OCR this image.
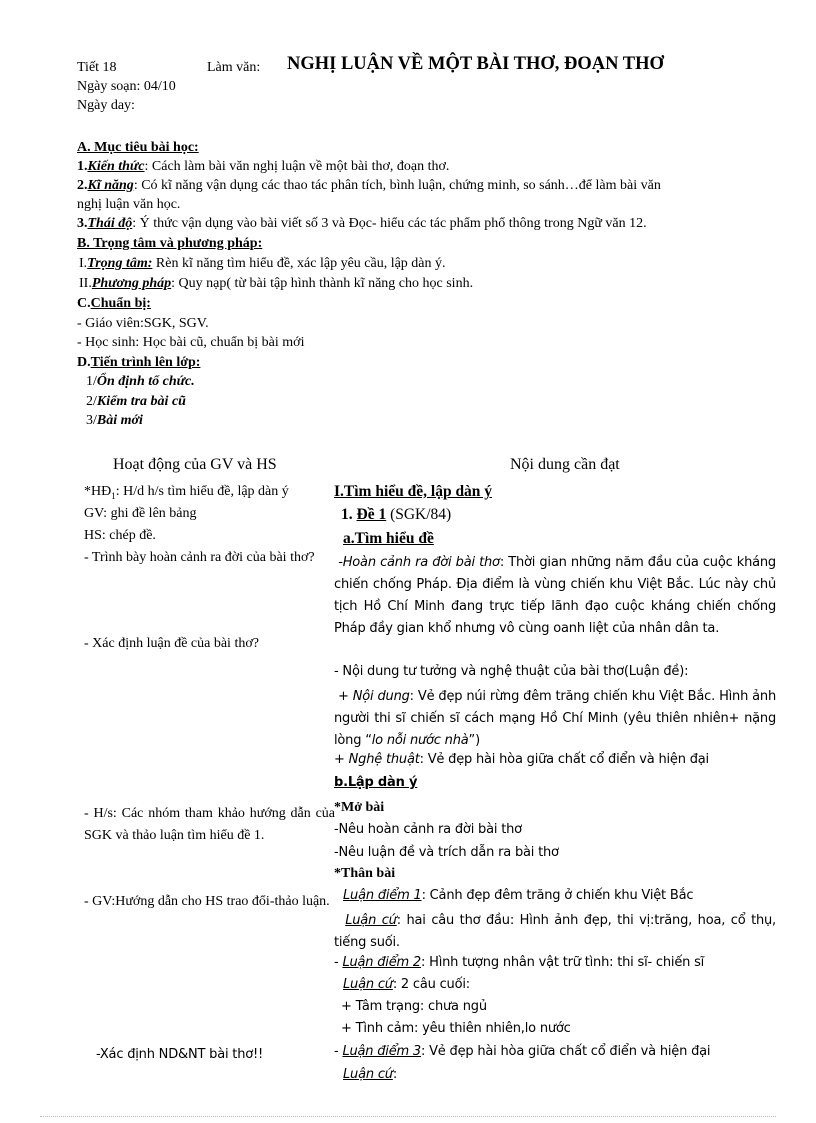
Tiết 18	Làm văn: NGHỊ LUẬN VỀ MỘT BÀI THƠ, ĐOẠN THƠ
Ngày soạn: 04/10
Ngày day:
A. Mục tiêu bài học:
1.Kiến thức: Cách làm bài văn nghị luận về một bài thơ, đoạn thơ.
2.Kĩ năng: Có kĩ năng vận dụng các thao tác phân tích, bình luận, chứng minh, so sánh…để làm bài văn
nghị luận văn học.
3.Thái độ: Ý thức vận dụng vào bài viết số 3 và Đọc- hiểu các tác phẩm phổ thông trong Ngữ văn 12.
B. Trọng tâm và phương pháp:
I.Trọng tâm: Rèn kĩ năng tìm hiểu đề, xác lập yêu cầu, lập dàn ý.
II.Phương pháp: Quy nạp( từ bài tập hình thành kĩ năng cho học sinh.
C.Chuẩn bị:
- Giáo viên:SGK, SGV.
- Học sinh: Học bài cũ, chuẩn bị bài mới
D.Tiến trình lên lớp:
1/Ổn định tổ chức.
2/Kiểm tra bài cũ
3/Bài mới
Hoạt động của GV và HS	Nội dung cần đạt
$*HĐ_1$: H/d h/s tìm hiểu đề, lập dàn ý
GV: ghi đề lên bảng
HS: chép đề.
- Trình bày hoàn cảnh ra đời của bài thơ?
- Xác định luận đề của bài thơ?
- H/s: Các nhóm tham khảo hướng dẫn của SGK và thảo luận tìm hiểu đề 1.
- GV:Hướng dẫn cho HS trao đổi-thảo luận.
-Xác định ND&NT bài thơ!!
I.Tìm hiểu đề, lập dàn ý
1. Đề 1 (SGK/84)
a.Tìm hiểu đề
-Hoàn cảnh ra đời bài thơ: Thời gian những năm đầu của cuộc kháng chiến chống Pháp. Địa điểm là vùng chiến khu Việt Bắc. Lúc này chủ tịch Hồ Chí Minh đang trực tiếp lãnh đạo cuộc kháng chiến chống Pháp đầy gian khổ nhưng vô cùng oanh liệt của nhân dân ta.
- Nội dung tư tưởng và nghệ thuật của bài thơ(Luận đề):
+ Nội dung: Vẻ đẹp núi rừng đêm trăng chiến khu Việt Bắc. Hình ảnh người thi sĩ chiến sĩ cách mạng Hồ Chí Minh (yêu thiên nhiên+ nặng lòng “lo nỗi nước nhà”)
+ Nghệ thuật: Vẻ đẹp hài hòa giữa chất cổ điển và hiện đại
b.Lập dàn ý
*Mở bài
-Nêu hoàn cảnh ra đời bài thơ
-Nêu luận đề và trích dẫn ra bài thơ
*Thân bài
Luận điểm 1: Cảnh đẹp đêm trăng ở chiến khu Việt Bắc
Luận cứ: hai câu thơ đầu: Hình ảnh đẹp, thi vị:trăng, hoa, cổ thụ, tiếng suối.
- Luận điểm 2: Hình tượng nhân vật trữ tình: thi sĩ- chiến sĩ
Luận cứ: 2 câu cuối:
+ Tâm trạng: chưa ngủ
+ Tình cảm: yêu thiên nhiên,lo nước
- Luận điểm 3: Vẻ đẹp hài hòa giữa chất cổ điển và hiện đại
Luận cứ:
